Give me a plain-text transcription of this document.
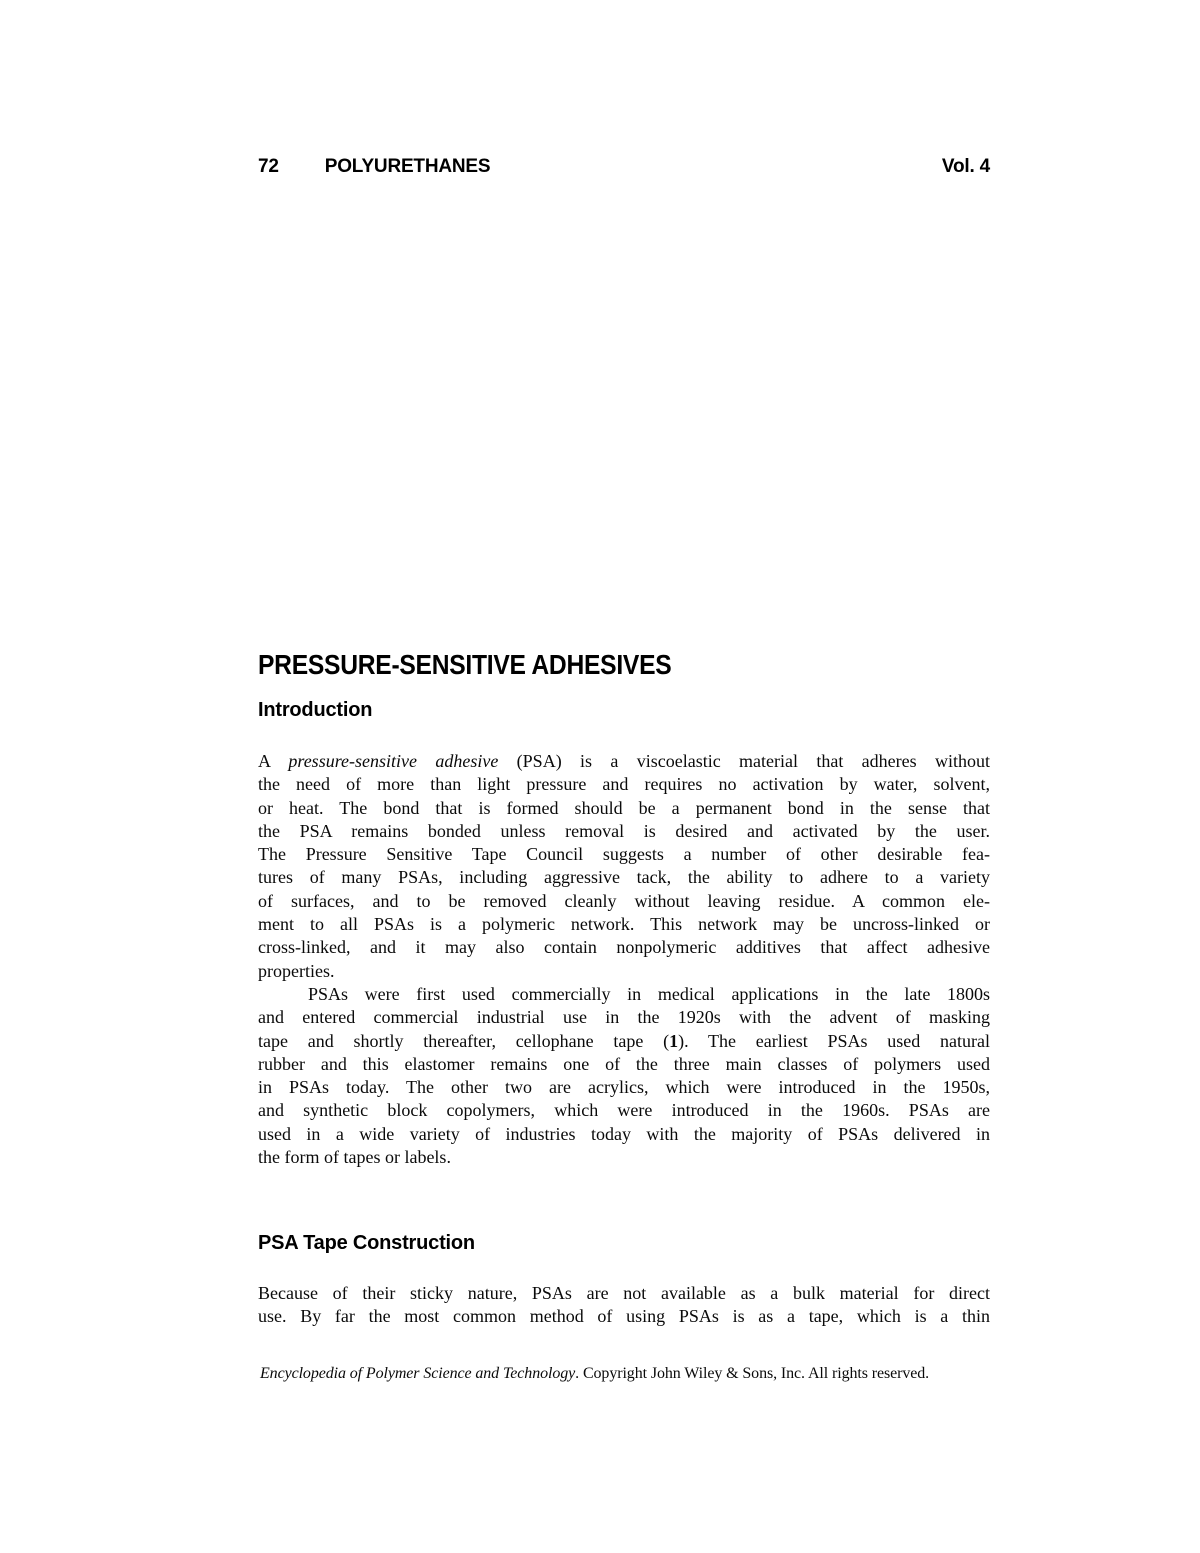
72 POLYURETHANES	Vol. 4
PRESSURE-SENSITIVE ADHESIVES
Introduction
A pressure-sensitive adhesive (PSA) is a viscoelastic material that adheres without
the need of more than light pressure and requires no activation by water, solvent,
or heat. The bond that is formed should be a permanent bond in the sense that
the PSA remains bonded unless removal is desired and activated by the user.
The Pressure Sensitive Tape Council suggests a number of other desirable fea-
tures of many PSAs, including aggressive tack, the ability to adhere to a variety
of surfaces, and to be removed cleanly without leaving residue. A common ele-
ment to all PSAs is a polymeric network. This network may be uncross-linked or
cross-linked, and it may also contain nonpolymeric additives that affect adhesive
properties.
PSAs were first used commercially in medical applications in the late 1800s
and entered commercial industrial use in the 1920s with the advent of masking
tape and shortly thereafter, cellophane tape (1). The earliest PSAs used natural
rubber and this elastomer remains one of the three main classes of polymers used
in PSAs today. The other two are acrylics, which were introduced in the 1950s,
and synthetic block copolymers, which were introduced in the 1960s. PSAs are
used in a wide variety of industries today with the majority of PSAs delivered in
the form of tapes or labels.
PSA Tape Construction
Because of their sticky nature, PSAs are not available as a bulk material for direct
use. By far the most common method of using PSAs is as a tape, which is a thin
Encyclopedia of Polymer Science and Technology. Copyright John Wiley & Sons, Inc. All rights reserved.
